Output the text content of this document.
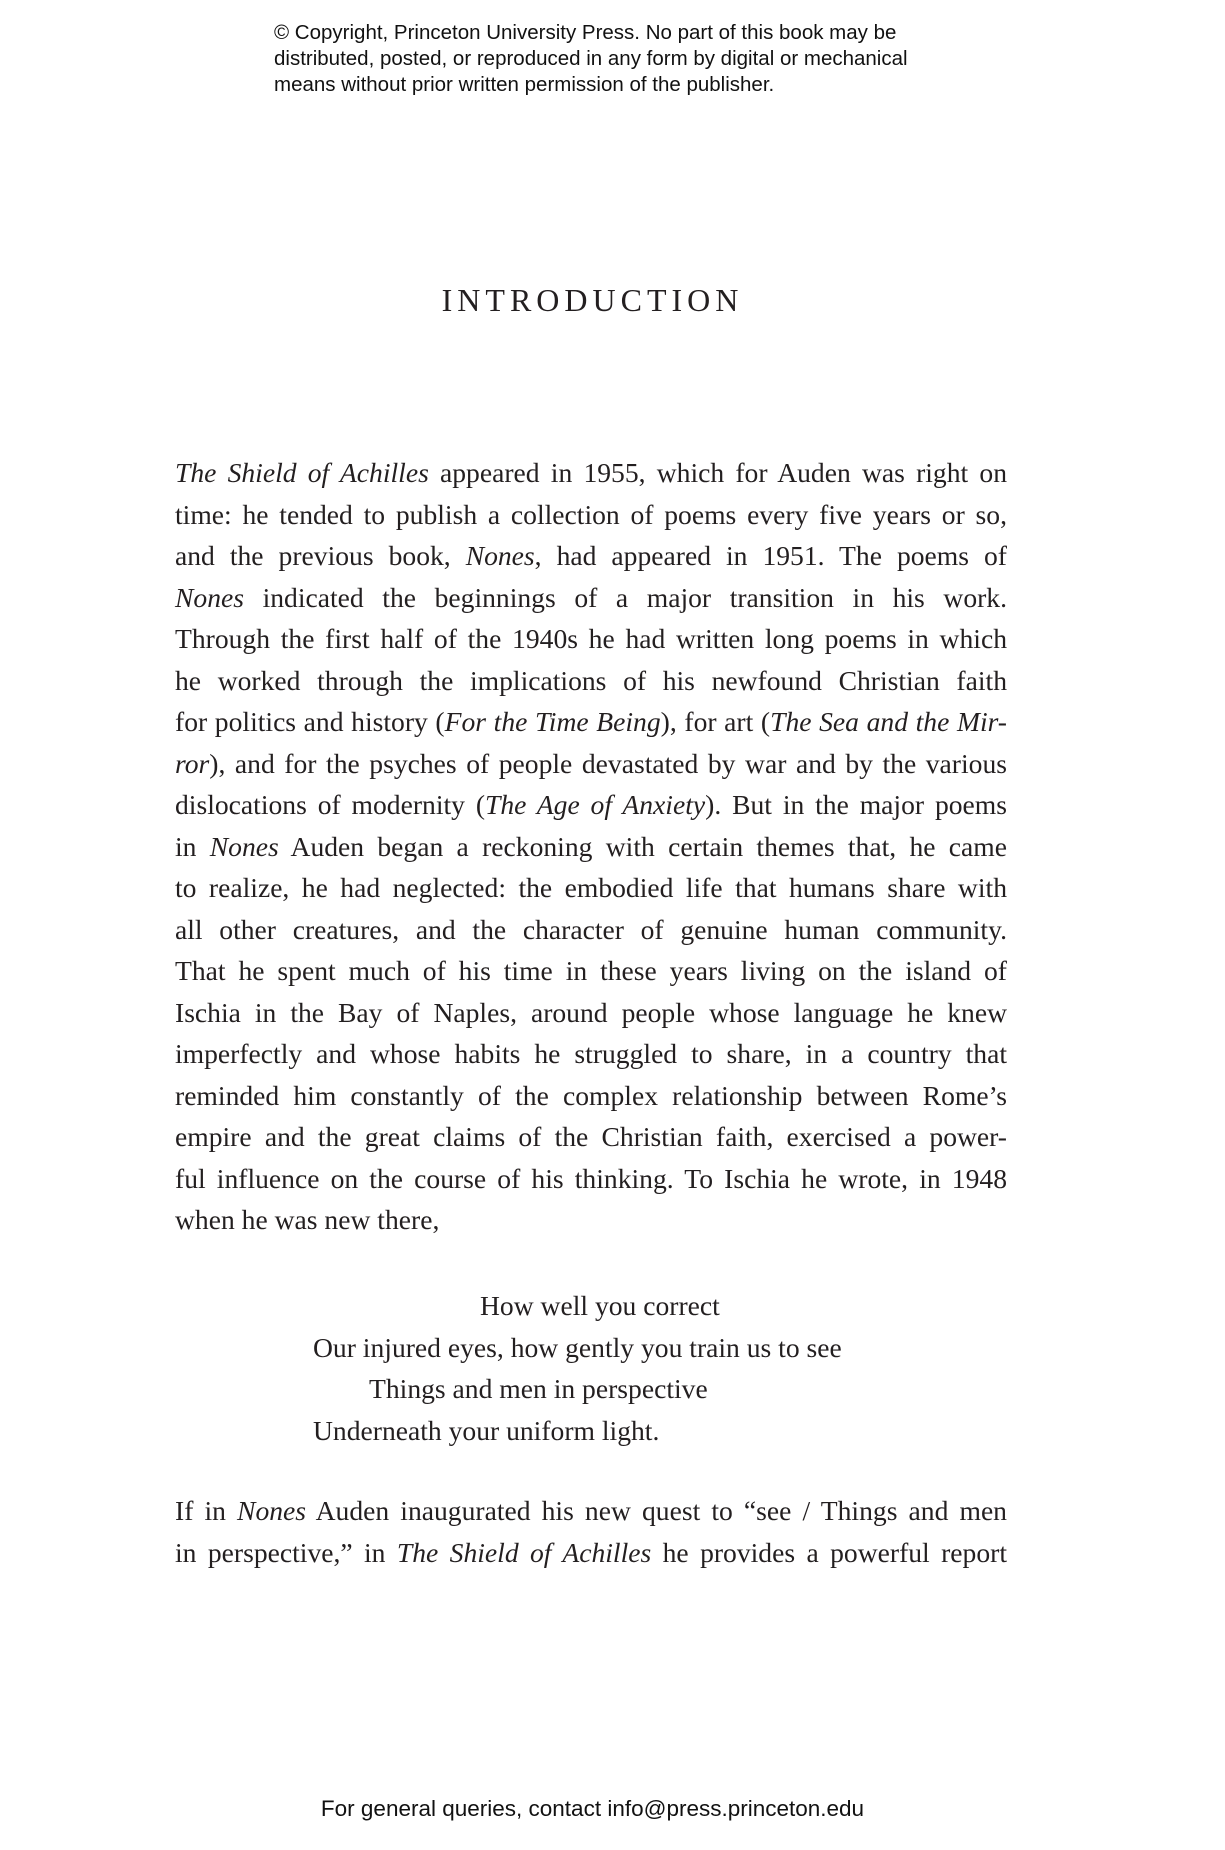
© Copyright, Princeton University Press. No part of this book may be
distributed, posted, or reproduced in any form by digital or mechanical
means without prior written permission of the publisher.
INTRODUCTION
The Shield of Achilles appeared in 1955, which for Auden was right on
time: he tended to publish a collection of poems every five years or so,
and the previous book, Nones, had appeared in 1951. The poems of
Nones indicated the beginnings of a major transition in his work.
Through the first half of the 1940s he had written long poems in which
he worked through the implications of his newfound Christian faith
for politics and history (For the Time Being), for art (The Sea and the Mir-
ror), and for the psyches of people devastated by war and by the various
dislocations of modernity (The Age of Anxiety). But in the major poems
in Nones Auden began a reckoning with certain themes that, he came
to realize, he had neglected: the embodied life that humans share with
all other creatures, and the character of genuine human community.
That he spent much of his time in these years living on the island of
Ischia in the Bay of Naples, around people whose language he knew
imperfectly and whose habits he struggled to share, in a country that
reminded him constantly of the complex relationship between Rome’s
empire and the great claims of the Christian faith, exercised a power-
ful influence on the course of his thinking. To Ischia he wrote, in 1948
when he was new there,
How well you correct
Our injured eyes, how gently you train us to see
Things and men in perspective
Underneath your uniform light.
If in Nones Auden inaugurated his new quest to “see / Things and men
in perspective,” in The Shield of Achilles he provides a powerful report
For general queries, contact info@press.princeton.edu
